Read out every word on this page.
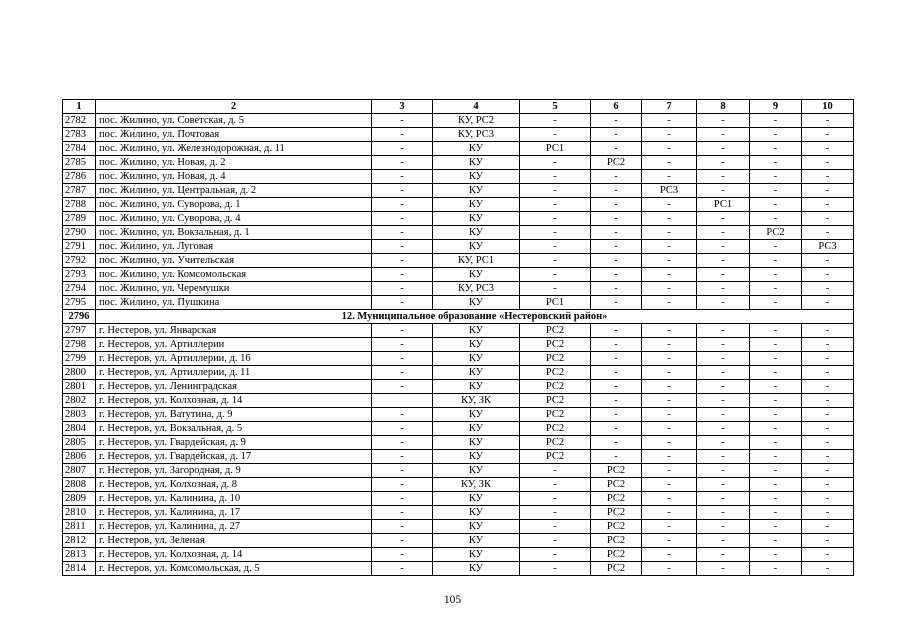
1	2	3	4	5	6	7	8	9	10
2782	пос. Жилино, ул. Советская, д. 5	-	КУ, РС2	-	-	-	-	-	-
2783	пос. Жилино, ул. Почтовая	-	КУ, РС3	-	-	-	-	-	-
2784	пос. Жилино, ул. Железнодорожная, д. 11	-	КУ	РС1	-	-	-	-	-
2785	пос. Жилино, ул. Новая, д. 2	-	КУ	-	РС2	-	-	-	-
2786	пос. Жилино, ул. Новая, д. 4	-	КУ	-	-	-	-	-	-
2787	пос. Жилино, ул. Центральная, д. 2	-	КУ	-	-	РС3	-	-	-
2788	пос. Жилино, ул. Суворова, д. 1	-	КУ	-	-	-	РС1	-	-
2789	пос. Жилино, ул. Суворова, д. 4	-	КУ	-	-	-	-	-	-
2790	пос. Жилино, ул. Вокзальная, д. 1	-	КУ	-	-	-	-	РС2	-
2791	пос. Жилино, ул. Луговая	-	КУ	-	-	-	-	-	РС3
2792	пос. Жилино, ул. Учительская	-	КУ, РС1	-	-	-	-	-	-
2793	пос. Жилино, ул. Комсомольская	-	КУ	-	-	-	-	-	-
2794	пос. Жилино, ул. Черемушки	-	КУ, РС3	-	-	-	-	-	-
2795	пос. Жилино, ул. Пушкина	-	КУ	РС1	-	-	-	-	-
2796	12. Муниципальное образование «Нестеровский район»								
2797	г. Нестеров, ул. Январская	-	КУ	РС2	-	-	-	-	-
2798	г. Нестеров, ул. Артиллерии	-	КУ	РС2	-	-	-	-	-
2799	г. Нестеров, ул. Артиллерии, д. 16	-	КУ	РС2	-	-	-	-	-
2800	г. Нестеров, ул. Артиллерии, д. 11	-	КУ	РС2	-	-	-	-	-
2801	г. Нестеров, ул. Ленинградская	-	КУ	РС2	-	-	-	-	-
2802	г. Нестеров, ул. Колхозная, д. 14		КУ, ЗК	РС2	-	-	-	-	-
2803	г. Нестеров, ул. Ватутина, д. 9	-	КУ	РС2	-	-	-	-	-
2804	г. Нестеров, ул. Вокзальная, д. 5	-	КУ	РС2	-	-	-	-	-
2805	г. Нестеров, ул. Гвардейская, д. 9	-	КУ	РС2	-	-	-	-	-
2806	г. Нестеров, ул. Гвардейская, д. 17	-	КУ	РС2	-	-	-	-	-
2807	г. Нестеров, ул. Загородная, д. 9	-	КУ	-	РС2	-	-	-	-
2808	г. Нестеров, ул. Колхозная, д. 8	-	КУ, ЗК	-	РС2	-	-	-	-
2809	г. Нестеров, ул. Калинина, д. 10	-	КУ	-	РС2	-	-	-	-
2810	г. Нестеров, ул. Калинина, д. 17	-	КУ	-	РС2	-	-	-	-
2811	г. Нестеров, ул. Калинина, д. 27	-	КУ	-	РС2	-	-	-	-
2812	г. Нестеров, ул. Зеленая	-	КУ	-	РС2	-	-	-	-
2813	г. Нестеров, ул. Колхозная, д. 14	-	КУ	-	РС2	-	-	-	-
2814	г. Нестеров, ул. Комсомольская, д. 5	-	КУ	-	РС2	-	-	-	-
105
